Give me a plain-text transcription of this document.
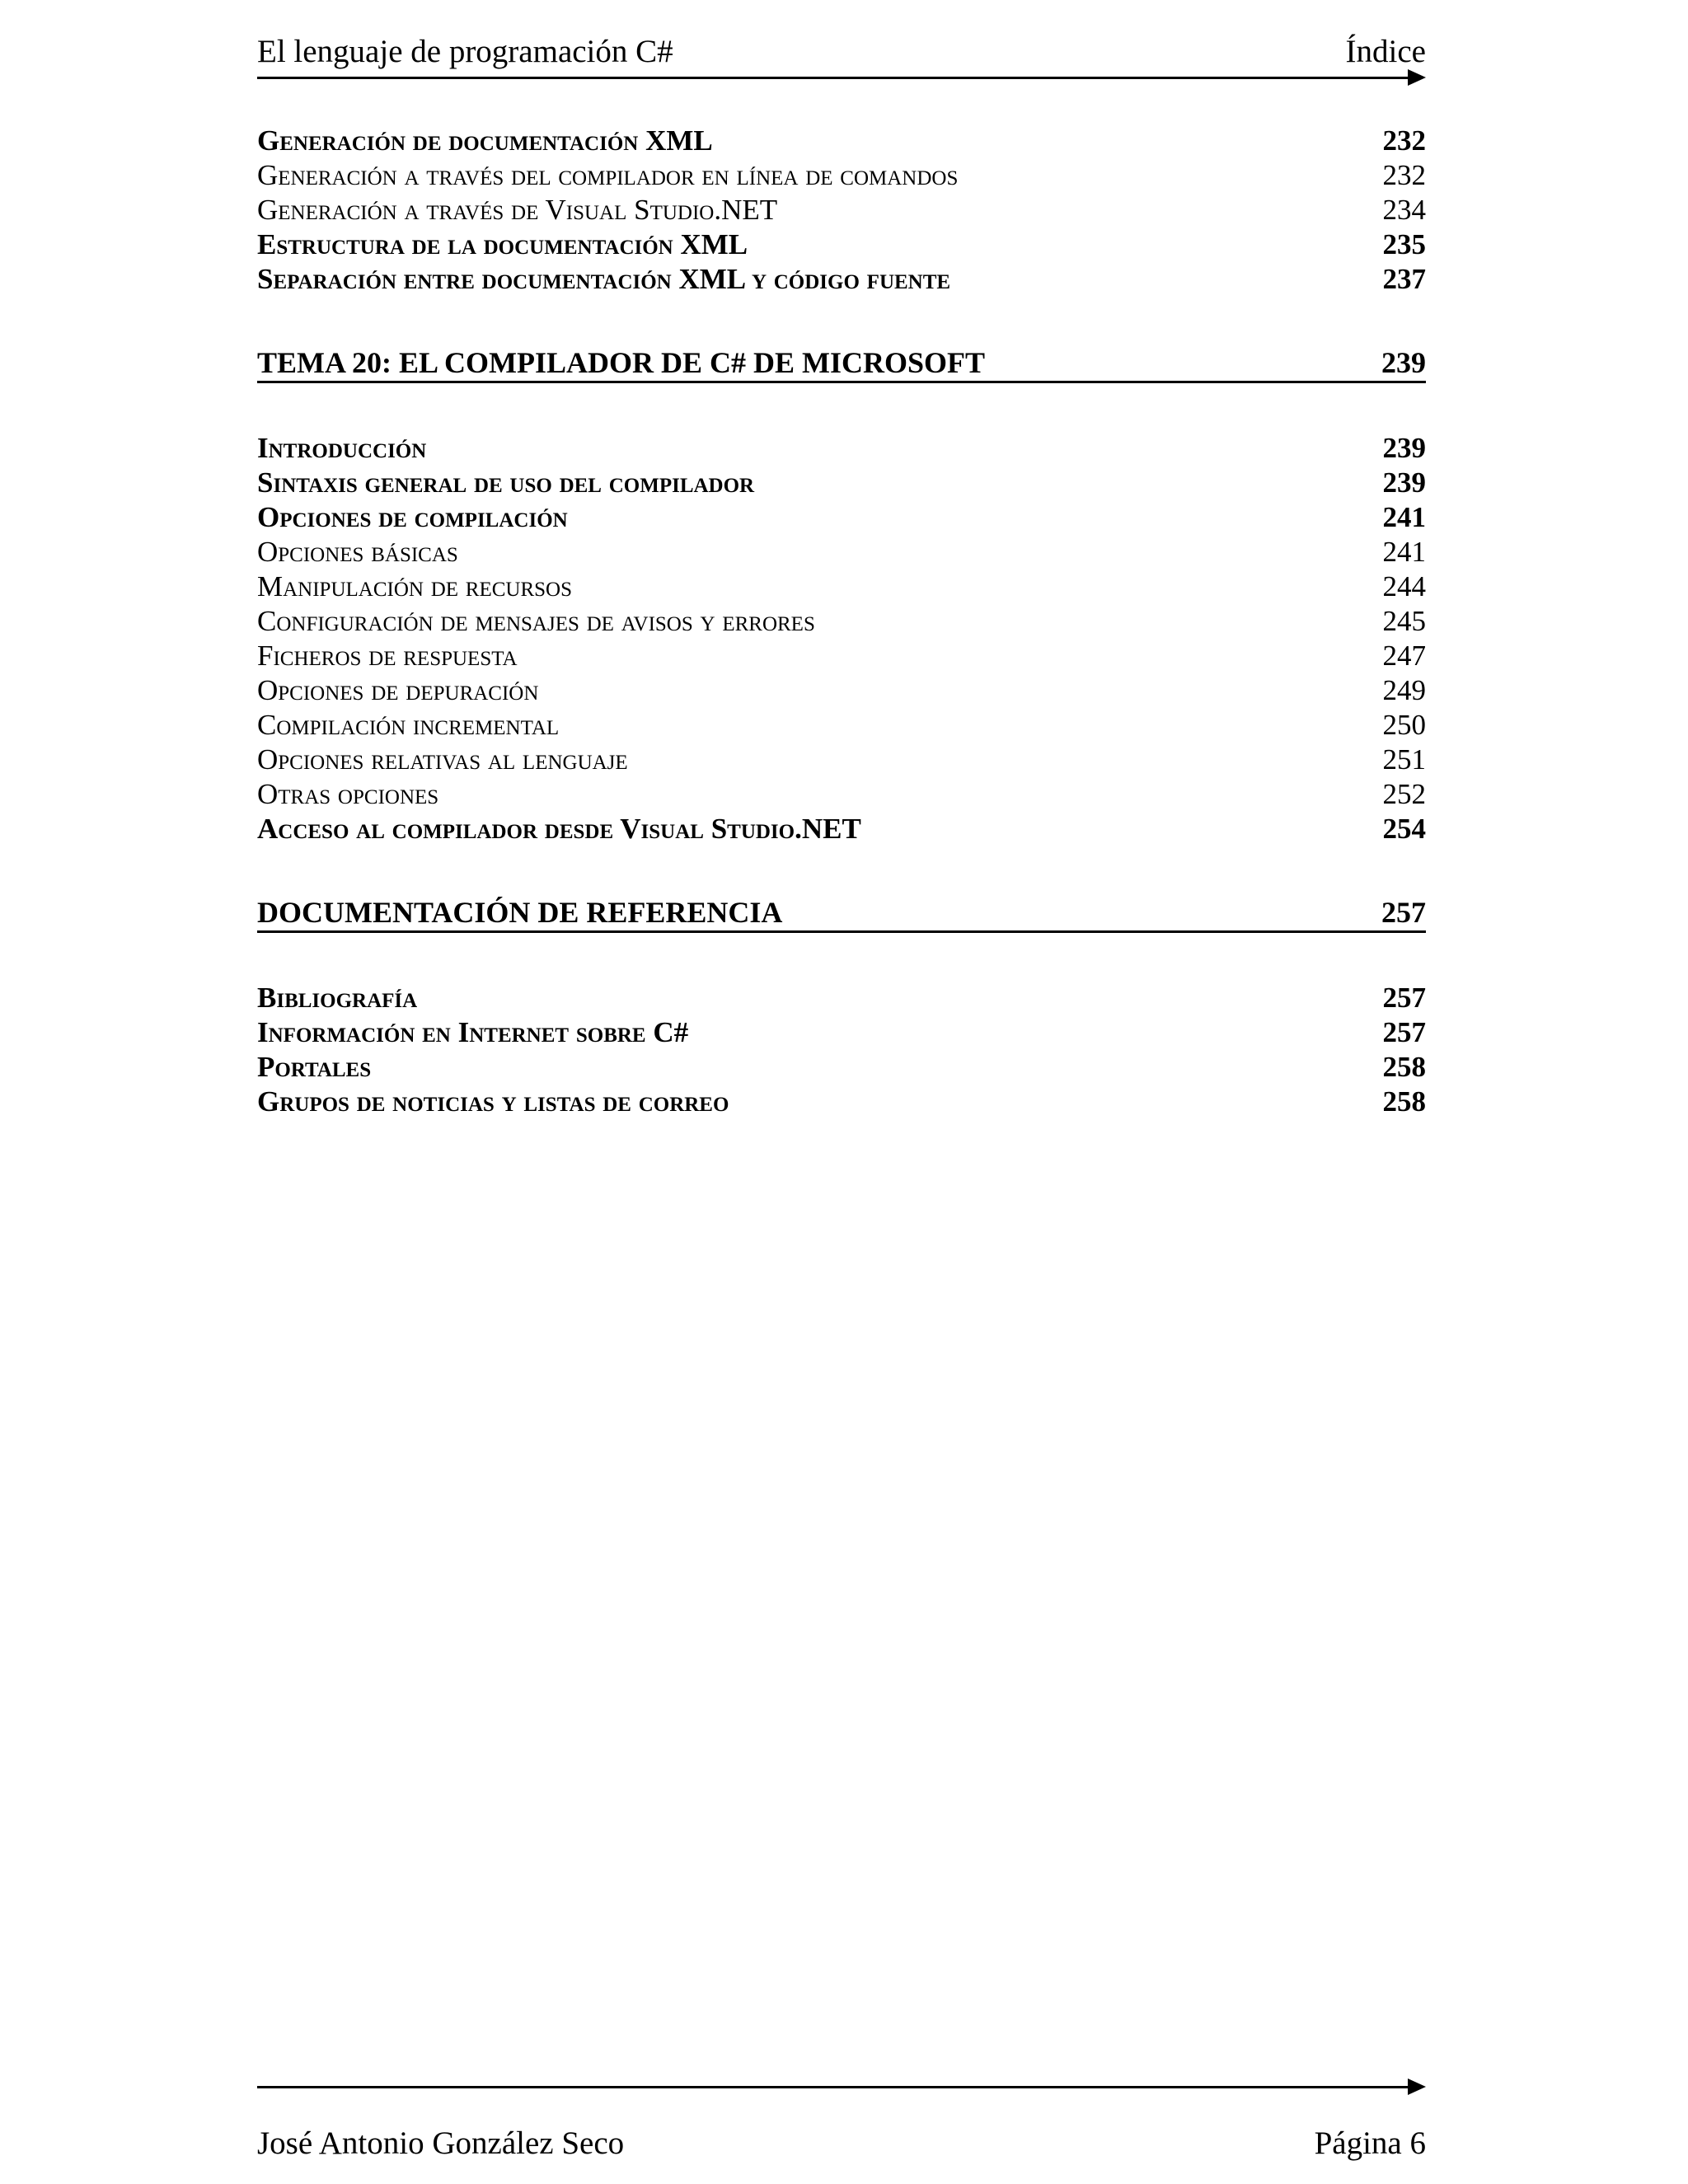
El lenguaje de programación C#	Índice
Generación de documentación XML	232
Generación a través del compilador en línea de comandos	232
Generación a través de Visual Studio.NET	234
Estructura de la documentación XML	235
Separación entre documentación XML y código fuente	237
TEMA 20: EL COMPILADOR DE C# DE MICROSOFT	239
Introducción	239
Sintaxis general de uso del compilador	239
Opciones de compilación	241
Opciones básicas	241
Manipulación de recursos	244
Configuración de mensajes de avisos y errores	245
Ficheros de respuesta	247
Opciones de depuración	249
Compilación incremental	250
Opciones relativas al lenguaje	251
Otras opciones	252
Acceso al compilador desde Visual Studio.NET	254
DOCUMENTACIÓN DE REFERENCIA	257
Bibliografía	257
Información en Internet sobre C#	257
Portales	258
Grupos de noticias y listas de correo	258
José Antonio González Seco	Página 6
